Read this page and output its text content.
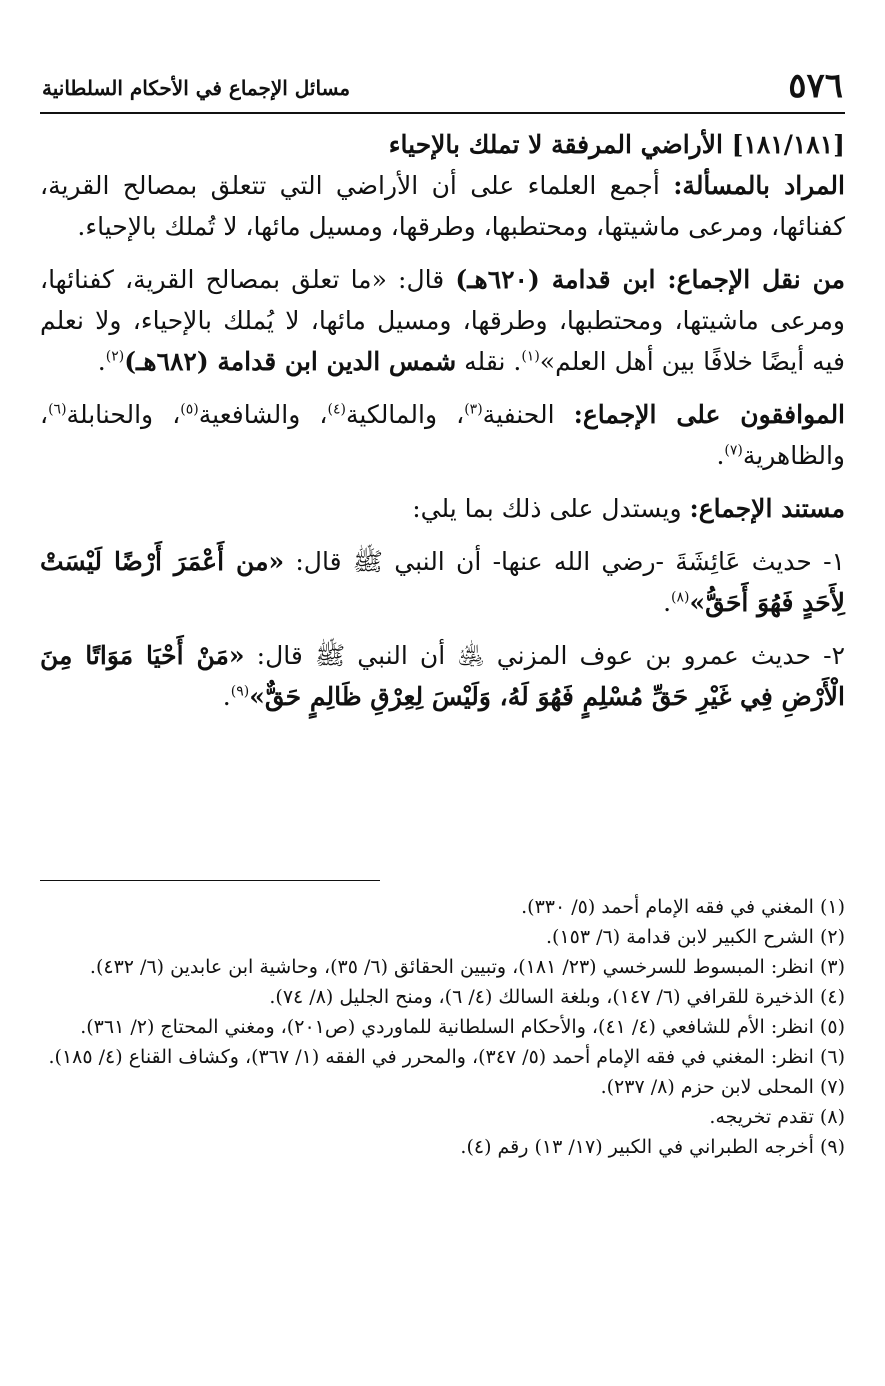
٥٧٦
مسائل الإجماع في الأحكام السلطانية

[١٨١/١٨١] الأراضي المرفقة لا تملك بالإحياء

المراد بالمسألة: أجمع العلماء على أن الأراضي التي تتعلق بمصالح القرية، كفنائها، ومرعى ماشيتها، ومحتطبها، وطرقها، ومسيل مائها، لا تُملك بالإحياء.

من نقل الإجماع: ابن قدامة (٦٢٠هـ) قال: «ما تعلق بمصالح القرية، كفنائها، ومرعى ماشيتها، ومحتطبها، وطرقها، ومسيل مائها، لا يُملك بالإحياء، ولا نعلم فيه أيضًا خلافًا بين أهل العلم»$^{(١)}$. نقله شمس الدين ابن قدامة (٦٨٢هـ)$^{(٢)}$.

الموافقون على الإجماع: الحنفية$^{(٣)}$، والمالكية$^{(٤)}$، والشافعية$^{(٥)}$، والحنابلة$^{(٦)}$، والظاهرية$^{(٧)}$.

مستند الإجماع: ويستدل على ذلك بما يلي:

١- حديث عَائِشَةَ -رضي الله عنها- أن النبي ﷺ قال: «من أَعْمَرَ أَرْضًا لَيْسَتْ لِأَحَدٍ فَهُوَ أَحَقُّ»$^{(٨)}$.

٢- حديث عمرو بن عوف المزني ﵁ أن النبي ﷺ قال: «مَنْ أَحْيَا مَوَاتًا مِنَ الْأَرْضِ فِي غَيْرِ حَقِّ مُسْلِمٍ فَهُوَ لَهُ، وَلَيْسَ لِعِرْقِ ظَالِمٍ حَقٌّ»$^{(٩)}$.

(١) المغني في فقه الإمام أحمد (٥/ ٣٣٠).

(٢) الشرح الكبير لابن قدامة (٦/ ١٥٣).

(٣) انظر: المبسوط للسرخسي (٢٣/ ١٨١)، وتبيين الحقائق (٦/ ٣٥)، وحاشية ابن عابدين (٦/ ٤٣٢).

(٤) الذخيرة للقرافي (٦/ ١٤٧)، وبلغة السالك (٤/ ٦)، ومنح الجليل (٨/ ٧٤).

(٥) انظر: الأم للشافعي (٤/ ٤١)، والأحكام السلطانية للماوردي (ص٢٠١)، ومغني المحتاج (٢/ ٣٦١).

(٦) انظر: المغني في فقه الإمام أحمد (٥/ ٣٤٧)، والمحرر في الفقه (١/ ٣٦٧)، وكشاف القناع (٤/ ١٨٥).

(٧) المحلى لابن حزم (٨/ ٢٣٧).

(٨) تقدم تخريجه.

(٩) أخرجه الطبراني في الكبير (١٧/ ١٣) رقم (٤).
